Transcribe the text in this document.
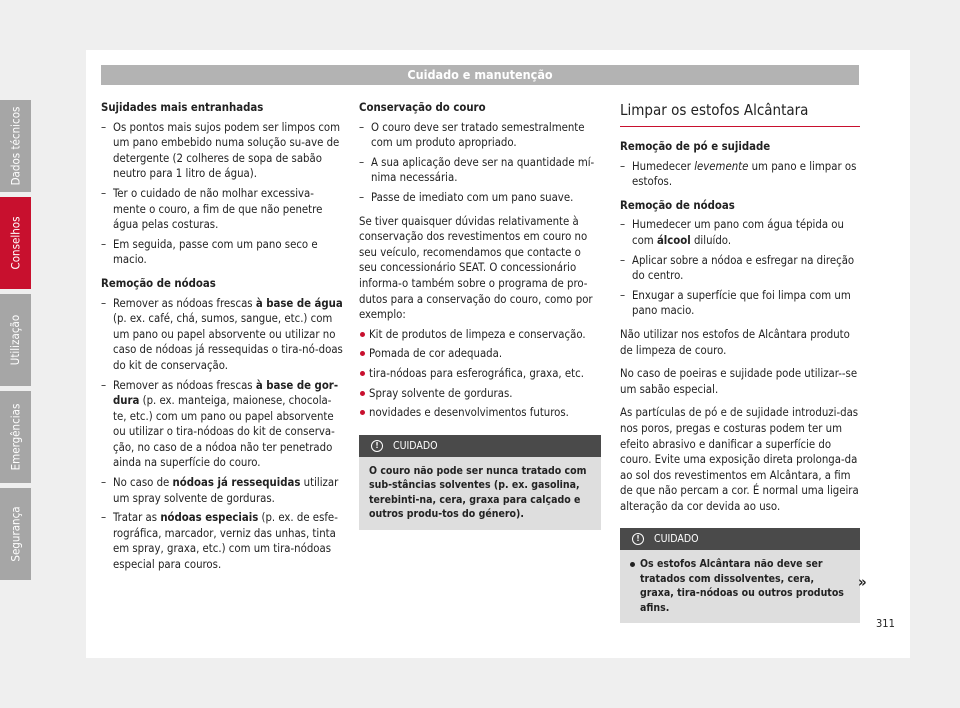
Cuidado e manutenção
Sujidades mais entranhadas
– Os pontos mais sujos podem ser limpos com um pano embebido numa solução su-ave de detergente (2 colheres de sopa de sabão neutro para 1 litro de água).
– Ter o cuidado de não molhar excessiva-mente o couro, a fim de que não penetre água pelas costuras.
– Em seguida, passe com um pano seco e macio.
Remoção de nódoas
– Remover as nódoas frescas à base de água (p. ex. café, chá, sumos, sangue, etc.) com um pano ou papel absorvente ou utilizar no caso de nódoas já ressequidas o tira-nó-doas do kit de conservação.
– Remover as nódoas frescas à base de gor-dura (p. ex. manteiga, maionese, chocola-te, etc.) com um pano ou papel absorvente ou utilizar o tira-nódoas do kit de conserva-ção, no caso de a nódoa não ter penetrado ainda na superfície do couro.
– No caso de nódoas já ressequidas utilizar um spray solvente de gorduras.
– Tratar as nódoas especiais (p. ex. de esfe-rográfica, marcador, verniz das unhas, tinta em spray, graxa, etc.) com um tira-nódoas especial para couros.
Conservação do couro
– O couro deve ser tratado semestralmente com um produto apropriado.
– A sua aplicação deve ser na quantidade mí-nima necessária.
– Passe de imediato com um pano suave.

Se tiver quaisquer dúvidas relativamente à conservação dos revestimentos em couro no seu veículo, recomendamos que contacte o seu concessionário SEAT. O concessionário informa-o também sobre o programa de pro-dutos para a conservação do couro, como por exemplo:

Kit de produtos de limpeza e conservação.
Pomada de cor adequada.
tira-nódoas para esferográfica, graxa, etc.
Spray solvente de gorduras.
novidades e desenvolvimentos futuros.
!	CUIDADO
O couro não pode ser nunca tratado com sub-stâncias solventes (p. ex. gasolina, terebinti-na, cera, graxa para calçado e outros produ-tos do género).
Limpar os estofos Alcântara
Remoção de pó e sujidade
– Humedecer levemente um pano e limpar os estofos.
Remoção de nódoas
– Humedecer um pano com água tépida ou com álcool diluído.
– Aplicar sobre a nódoa e esfregar na direção do centro.
– Enxugar a superfície que foi limpa com um pano macio.

Não utilizar nos estofos de Alcântara produto de limpeza de couro.

No caso de poeiras e sujidade pode utilizar--se um sabão especial.

As partículas de pó e de sujidade introduzi-das nos poros, pregas e costuras podem ter um efeito abrasivo e danificar a superfície do couro. Evite uma exposição direta prolonga-da ao sol dos revestimentos em Alcântara, a fim de que não percam a cor. É normal uma ligeira alteração da cor devida ao uso.

!	CUIDADO
Os estofos Alcântara não deve ser tratados com dissolventes, cera, graxa, tira-nódoas ou outros produtos afins.
»
Dados técnicos
Conselhos
Utilização
Emergências
Segurança
311
